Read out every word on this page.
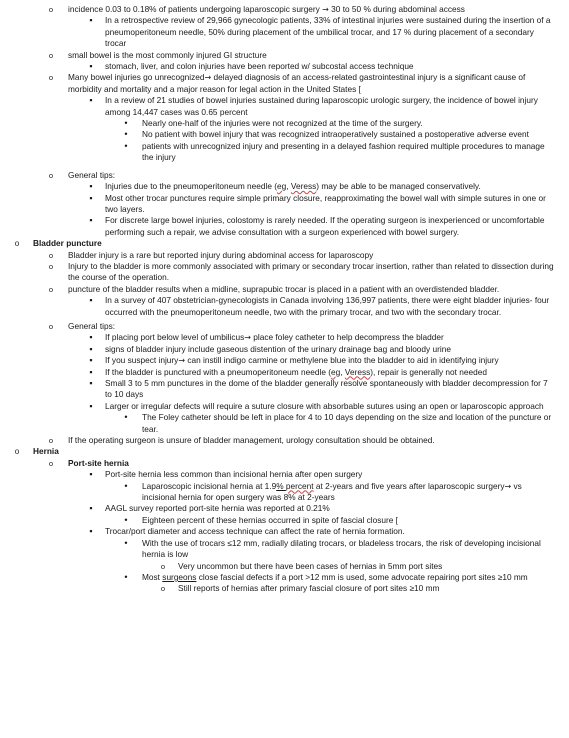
o
incidence 0.03 to 0.18% of patients undergoing laparoscopic surgery → 30 to 50 % during abdominal access
▪
In a retrospective review of 29,966 gynecologic patients, 33% of intestinal injuries were sustained during the insertion of a pneumoperitoneum needle, 50% during placement of the umbilical trocar, and 17 % during placement of a secondary trocar
o
small bowel is the most commonly injured GI structure
▪
stomach, liver, and colon injuries have been reported w/ subcostal access technique
o
Many bowel injuries go unrecognized→ delayed diagnosis of an access-related gastrointestinal injury is a significant cause of morbidity and mortality and a major reason for legal action in the United States [
▪
In a review of 21 studies of bowel injuries sustained during laparoscopic urologic surgery, the incidence of bowel injury among 14,447 cases was 0.65 percent
•
Nearly one-half of the injuries were not recognized at the time of the surgery.
•
No patient with bowel injury that was recognized intraoperatively sustained a postoperative adverse event
•
patients with unrecognized injury and presenting in a delayed fashion required multiple procedures to manage the injury
o
General tips:
▪
Injuries due to the pneumoperitoneum needle (eg, Veress) may be able to be managed conservatively.
▪
Most other trocar punctures require simple primary closure, reapproximating the bowel wall with simple sutures in one or two layers.
▪
For discrete large bowel injuries, colostomy is rarely needed. If the operating surgeon is inexperienced or uncomfortable performing such a repair, we advise consultation with a surgeon experienced with bowel surgery.
o
Bladder puncture
o
Bladder injury is a rare but reported injury during abdominal access for laparoscopy
o
Injury to the bladder is more commonly associated with primary or secondary trocar insertion, rather than related to dissection during the course of the operation.
o
puncture of the bladder results when a midline, suprapubic trocar is placed in a patient with an overdistended bladder.
▪
In a survey of 407 obstetrician-gynecologists in Canada involving 136,997 patients, there were eight bladder injuries- four occurred with the pneumoperitoneum needle, two with the primary trocar, and two with the secondary trocar.
o
General tips:
▪
If placing port below level of umbilicus→ place foley catheter to help decompress the bladder
▪
signs of bladder injury include gaseous distention of the urinary drainage bag and bloody urine
▪
If you suspect injury→ can instill indigo carmine or methylene blue into the bladder to aid in identifying injury
▪
If the bladder is punctured with a pneumoperitoneum needle (eg, Veress), repair is generally not needed
▪
Small 3 to 5 mm punctures in the dome of the bladder generally resolve spontaneously with bladder decompression for 7 to 10 days
▪
Larger or irregular defects will require a suture closure with absorbable sutures using an open or laparoscopic approach
•
The Foley catheter should be left in place for 4 to 10 days depending on the size and location of the puncture or tear.
o
If the operating surgeon is unsure of bladder management, urology consultation should be obtained.
o
Hernia
o
Port-site hernia
▪
Port-site hernia less common than incisional hernia after open surgery
•
Laparoscopic incisional hernia at 1.9% percent at 2-years and five years after laparoscopic surgery→ vs incisional hernia for open surgery was 8% at 2-years
▪
AAGL survey reported port-site hernia was reported at 0.21%
•
Eighteen percent of these hernias occurred in spite of fascial closure [
▪
Trocar/port diameter and access technique can affect the rate of hernia formation.
•
With the use of trocars ≤12 mm, radially dilating trocars, or bladeless trocars, the risk of developing incisional hernia is low
o
Very uncommon but there have been cases of hernias in 5mm port sites
•
Most surgeons close fascial defects if a port >12 mm is used, some advocate repairing port sites ≥10 mm
o
Still reports of hernias after primary fascial closure of port sites ≥10 mm
